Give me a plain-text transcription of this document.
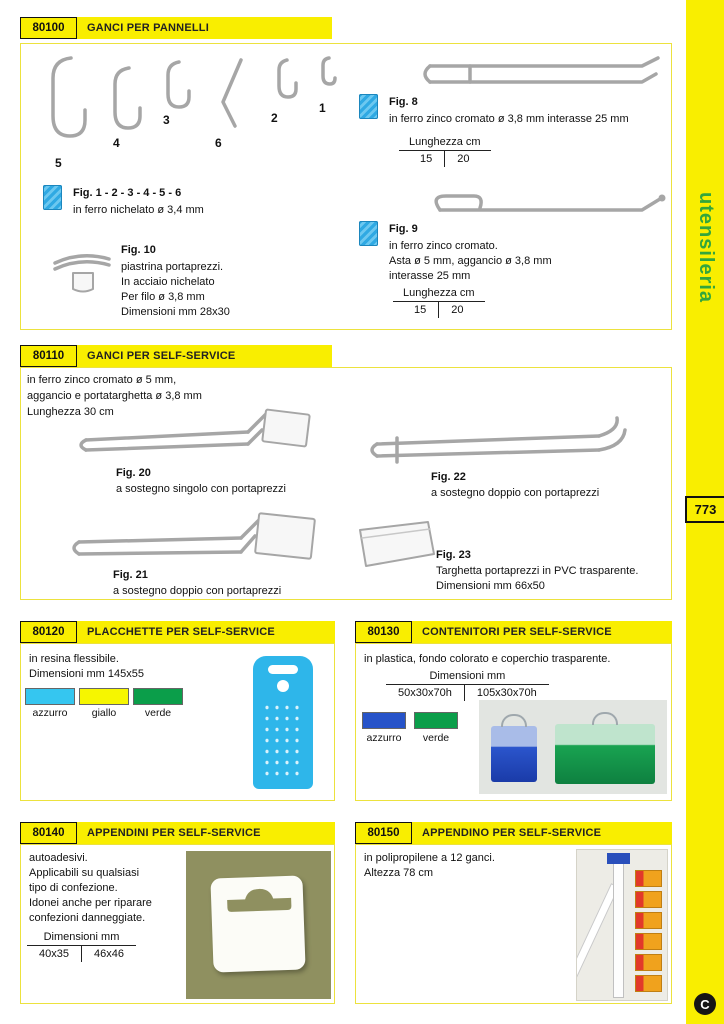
80100	GANCI PER PANNELLI
5
4
3
6
2
1
Fig. 1 - 2 - 3 - 4 - 5 - 6
in ferro nichelato ø 3,4 mm
Fig. 10
piastrina portaprezzi.
In acciaio nichelato
Per filo ø 3,8 mm
Dimensioni mm 28x30
Fig. 8
in ferro zinco cromato ø 3,8 mm interasse 25 mm
Lunghezza cm
15	20
Fig. 9
in ferro zinco cromato.
Asta ø 5 mm, aggancio ø 3,8 mm
interasse 25 mm
Lunghezza cm
15	20
80110	GANCI PER SELF-SERVICE
in ferro zinco cromato ø 5 mm,
aggancio e portatarghetta ø 3,8 mm
Lunghezza 30 cm
Fig. 20
a sostegno singolo con portaprezzi
Fig. 22
a sostegno doppio con portaprezzi
Fig. 21
a sostegno doppio con portaprezzi
Fig. 23
Targhetta portaprezzi in PVC trasparente.
Dimensioni mm 66x50
80120	PLACCHETTE PER SELF-SERVICE
in resina flessibile.
Dimensioni mm 145x55
azzurro	giallo	verde
80130	CONTENITORI PER SELF-SERVICE
in plastica, fondo colorato e coperchio trasparente.
Dimensioni mm
50x30x70h	105x30x70h
azzurro	verde
80140	APPENDINI PER SELF-SERVICE
autoadesivi.
Applicabili su qualsiasi
tipo di confezione.
Idonei anche per riparare
confezioni danneggiate.
Dimensioni mm
40x35	46x46
80150	APPENDINO PER SELF-SERVICE
in polipropilene a 12 ganci.
Altezza 78 cm
utensileria
773
C
